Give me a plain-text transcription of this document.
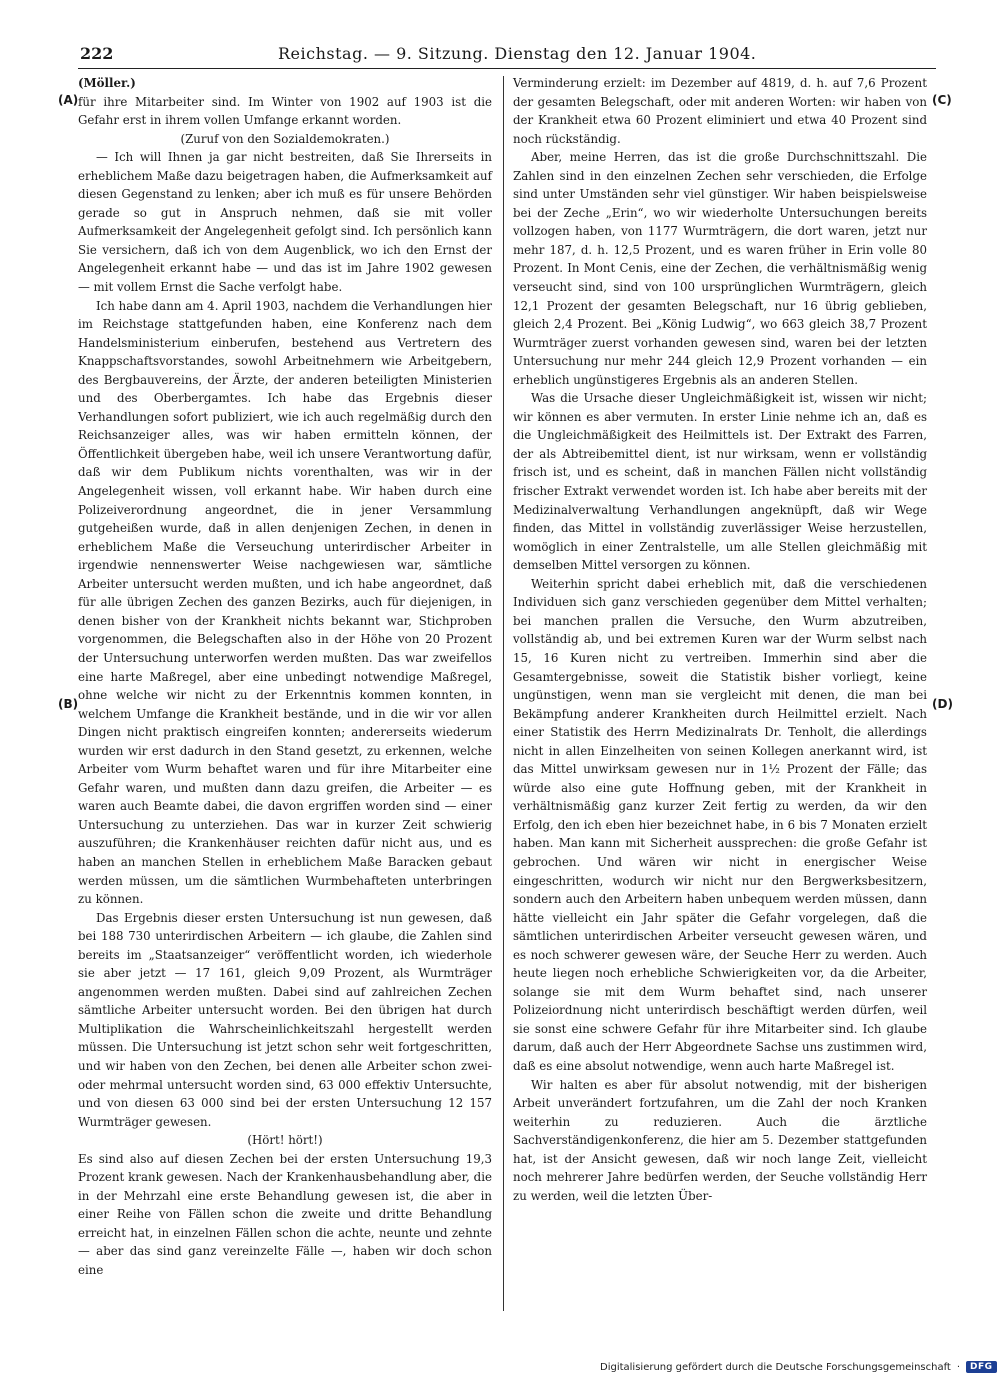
222	Reichstag. — 9. Sitzung. Dienstag den 12. Januar 1904.
(A)
(B)
(C)
(D)

(Möller.)

für ihre Mitarbeiter sind. Im Winter von 1902 auf 1903 ist die Gefahr erst in ihrem vollen Umfange erkannt worden.

(Zuruf von den Sozialdemokraten.)

— Ich will Ihnen ja gar nicht bestreiten, daß Sie Ihrerseits in erheblichem Maße dazu beigetragen haben, die Aufmerksamkeit auf diesen Gegenstand zu lenken; aber ich muß es für unsere Behörden gerade so gut in Anspruch nehmen, daß sie mit voller Aufmerksamkeit der Angelegenheit gefolgt sind. Ich persönlich kann Sie versichern, daß ich von dem Augenblick, wo ich den Ernst der Angelegenheit erkannt habe — und das ist im Jahre 1902 gewesen — mit vollem Ernst die Sache verfolgt habe.

Ich habe dann am 4. April 1903, nachdem die Verhandlungen hier im Reichstage stattgefunden haben, eine Konferenz nach dem Handelsministerium einberufen, bestehend aus Vertretern des Knappschaftsvorstandes, sowohl Arbeitnehmern wie Arbeitgebern, des Bergbauvereins, der Ärzte, der anderen beteiligten Ministerien und des Oberbergamtes. Ich habe das Ergebnis dieser Verhandlungen sofort publiziert, wie ich auch regelmäßig durch den Reichsanzeiger alles, was wir haben ermitteln können, der Öffentlichkeit übergeben habe, weil ich unsere Verantwortung dafür, daß wir dem Publikum nichts vorenthalten, was wir in der Angelegenheit wissen, voll erkannt habe. Wir haben durch eine Polizeiverordnung angeordnet, die in jener Versammlung gutgeheißen wurde, daß in allen denjenigen Zechen, in denen in erheblichem Maße die Verseuchung unterirdischer Arbeiter in irgendwie nennenswerter Weise nachgewiesen war, sämtliche Arbeiter untersucht werden mußten, und ich habe angeordnet, daß für alle übrigen Zechen des ganzen Bezirks, auch für diejenigen, in denen bisher von der Krankheit nichts bekannt war, Stichproben vorgenommen, die Belegschaften also in der Höhe von 20 Prozent der Untersuchung unterworfen werden mußten. Das war zweifellos eine harte Maßregel, aber eine unbedingt notwendige Maßregel, ohne welche wir nicht zu der Erkenntnis kommen konnten, in welchem Umfange die Krankheit bestände, und in die wir vor allen Dingen nicht praktisch eingreifen konnten; andererseits wiederum wurden wir erst dadurch in den Stand gesetzt, zu erkennen, welche Arbeiter vom Wurm behaftet waren und für ihre Mitarbeiter eine Gefahr waren, und mußten dann dazu greifen, die Arbeiter — es waren auch Beamte dabei, die davon ergriffen worden sind — einer Untersuchung zu unterziehen. Das war in kurzer Zeit schwierig auszuführen; die Krankenhäuser reichten dafür nicht aus, und es haben an manchen Stellen in erheblichem Maße Baracken gebaut werden müssen, um die sämtlichen Wurmbehafteten unterbringen zu können.

Das Ergebnis dieser ersten Untersuchung ist nun gewesen, daß bei 188 730 unterirdischen Arbeitern — ich glaube, die Zahlen sind bereits im „Staatsanzeiger“ veröffentlicht worden, ich wiederhole sie aber jetzt — 17 161, gleich 9,09 Prozent, als Wurmträger angenommen werden mußten. Dabei sind auf zahlreichen Zechen sämtliche Arbeiter untersucht worden. Bei den übrigen hat durch Multiplikation die Wahrscheinlichkeitszahl hergestellt werden müssen. Die Untersuchung ist jetzt schon sehr weit fortgeschritten, und wir haben von den Zechen, bei denen alle Arbeiter schon zwei- oder mehrmal untersucht worden sind, 63 000 effektiv Untersuchte, und von diesen 63 000 sind bei der ersten Untersuchung 12 157 Wurmträger gewesen.

(Hört! hört!)

Es sind also auf diesen Zechen bei der ersten Untersuchung 19,3 Prozent krank gewesen. Nach der Krankenhausbehandlung aber, die in der Mehrzahl eine erste Behandlung gewesen ist, die aber in einer Reihe von Fällen schon die zweite und dritte Behandlung erreicht hat, in einzelnen Fällen schon die achte, neunte und zehnte — aber das sind ganz vereinzelte Fälle —, haben wir doch schon eine

Verminderung erzielt: im Dezember auf 4819, d. h. auf 7,6 Prozent der gesamten Belegschaft, oder mit anderen Worten: wir haben von der Krankheit etwa 60 Prozent eliminiert und etwa 40 Prozent sind noch rückständig.

Aber, meine Herren, das ist die große Durchschnittszahl. Die Zahlen sind in den einzelnen Zechen sehr verschieden, die Erfolge sind unter Umständen sehr viel günstiger. Wir haben beispielsweise bei der Zeche „Erin“, wo wir wiederholte Untersuchungen bereits vollzogen haben, von 1177 Wurmträgern, die dort waren, jetzt nur mehr 187, d. h. 12,5 Prozent, und es waren früher in Erin volle 80 Prozent. In Mont Cenis, eine der Zechen, die verhältnismäßig wenig verseucht sind, sind von 100 ursprünglichen Wurmträgern, gleich 12,1 Prozent der gesamten Belegschaft, nur 16 übrig geblieben, gleich 2,4 Prozent. Bei „König Ludwig“, wo 663 gleich 38,7 Prozent Wurmträger zuerst vorhanden gewesen sind, waren bei der letzten Untersuchung nur mehr 244 gleich 12,9 Prozent vorhanden — ein erheblich ungünstigeres Ergebnis als an anderen Stellen.

Was die Ursache dieser Ungleichmäßigkeit ist, wissen wir nicht; wir können es aber vermuten. In erster Linie nehme ich an, daß es die Ungleichmäßigkeit des Heilmittels ist. Der Extrakt des Farren, der als Abtreibemittel dient, ist nur wirksam, wenn er vollständig frisch ist, und es scheint, daß in manchen Fällen nicht vollständig frischer Extrakt verwendet worden ist. Ich habe aber bereits mit der Medizinalverwaltung Verhandlungen angeknüpft, daß wir Wege finden, das Mittel in vollständig zuverlässiger Weise herzustellen, womöglich in einer Zentralstelle, um alle Stellen gleichmäßig mit demselben Mittel versorgen zu können.

Weiterhin spricht dabei erheblich mit, daß die verschiedenen Individuen sich ganz verschieden gegenüber dem Mittel verhalten; bei manchen prallen die Versuche, den Wurm abzutreiben, vollständig ab, und bei extremen Kuren war der Wurm selbst nach 15, 16 Kuren nicht zu vertreiben. Immerhin sind aber die Gesamtergebnisse, soweit die Statistik bisher vorliegt, keine ungünstigen, wenn man sie vergleicht mit denen, die man bei Bekämpfung anderer Krankheiten durch Heilmittel erzielt. Nach einer Statistik des Herrn Medizinalrats Dr. Tenholt, die allerdings nicht in allen Einzelheiten von seinen Kollegen anerkannt wird, ist das Mittel unwirksam gewesen nur in 1½ Prozent der Fälle; das würde also eine gute Hoffnung geben, mit der Krankheit in verhältnismäßig ganz kurzer Zeit fertig zu werden, da wir den Erfolg, den ich eben hier bezeichnet habe, in 6 bis 7 Monaten erzielt haben. Man kann mit Sicherheit aussprechen: die große Gefahr ist gebrochen. Und wären wir nicht in energischer Weise eingeschritten, wodurch wir nicht nur den Bergwerksbesitzern, sondern auch den Arbeitern haben unbequem werden müssen, dann hätte vielleicht ein Jahr später die Gefahr vorgelegen, daß die sämtlichen unterirdischen Arbeiter verseucht gewesen wären, und es noch schwerer gewesen wäre, der Seuche Herr zu werden. Auch heute liegen noch erhebliche Schwierigkeiten vor, da die Arbeiter, solange sie mit dem Wurm behaftet sind, nach unserer Polizeiordnung nicht unterirdisch beschäftigt werden dürfen, weil sie sonst eine schwere Gefahr für ihre Mitarbeiter sind. Ich glaube darum, daß auch der Herr Abgeordnete Sachse uns zustimmen wird, daß es eine absolut notwendige, wenn auch harte Maßregel ist.

Wir halten es aber für absolut notwendig, mit der bisherigen Arbeit unverändert fortzufahren, um die Zahl der noch Kranken weiterhin zu reduzieren. Auch die ärztliche Sachverständigenkonferenz, die hier am 5. Dezember stattgefunden hat, ist der Ansicht gewesen, daß wir noch lange Zeit, vielleicht noch mehrerer Jahre bedürfen werden, der Seuche vollständig Herr zu werden, weil die letzten Über-

Digitalisierung gefördert durch die Deutsche Forschungsgemeinschaft ·	DFG
